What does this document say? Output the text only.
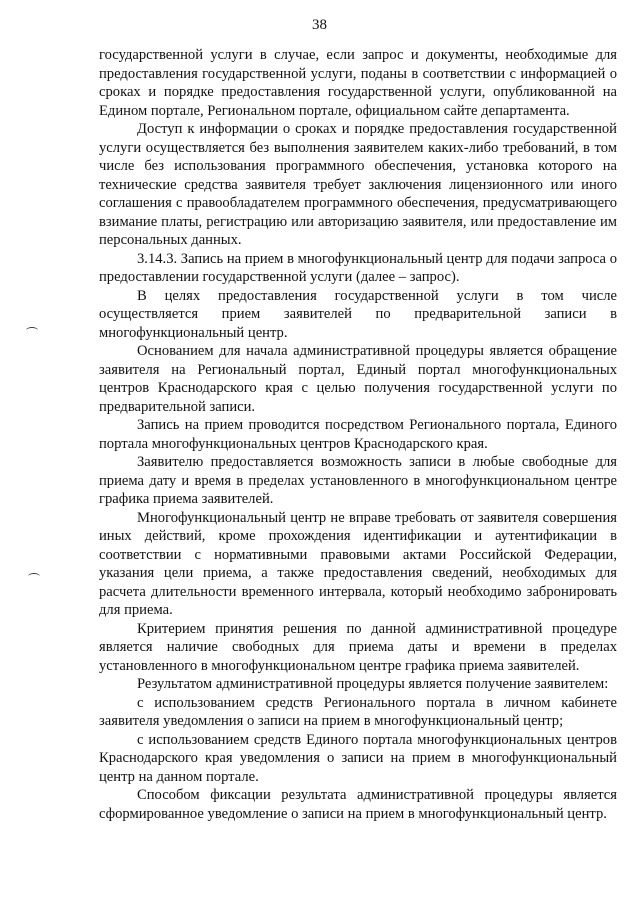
38

государственной услуги в случае, если запрос и документы, необходимые для предоставления государственной услуги, поданы в соответствии с информацией о сроках и порядке предоставления государственной услуги, опубликованной на Едином портале, Региональном портале, официальном сайте департамента.

Доступ к информации о сроках и порядке предоставления государственной услуги осуществляется без выполнения заявителем каких-либо требований, в том числе без использования программного обеспечения, установка которого на технические средства заявителя требует заключения лицензионного или иного соглашения с правообладателем программного обеспечения, предусматривающего взимание платы, регистрацию или авторизацию заявителя, или предоставление им персональных данных.

3.14.3. Запись на прием в многофункциональный центр для подачи запроса о предоставлении государственной услуги (далее – запрос).

В целях предоставления государственной услуги в том числе осуществляется прием заявителей по предварительной записи в многофункциональный центр.

Основанием для начала административной процедуры является обращение заявителя на Региональный портал, Единый портал многофункциональных центров Краснодарского края с целью получения государственной услуги по предварительной записи.

Запись на прием проводится посредством Регионального портала, Единого портала многофункциональных центров Краснодарского края.

Заявителю предоставляется возможность записи в любые свободные для приема дату и время в пределах установленного в многофункциональном центре графика приема заявителей.

Многофункциональный центр не вправе требовать от заявителя совершения иных действий, кроме прохождения идентификации и аутентификации в соответствии с нормативными правовыми актами Российской Федерации, указания цели приема, а также предоставления сведений, необходимых для расчета длительности временного интервала, который необходимо забронировать для приема.

Критерием принятия решения по данной административной процедуре является наличие свободных для приема даты и времени в пределах установленного в многофункциональном центре графика приема заявителей.

Результатом административной процедуры является получение заявителем:

с использованием средств Регионального портала в личном кабинете заявителя уведомления о записи на прием в многофункциональный центр;

с использованием средств Единого портала многофункциональных центров Краснодарского края уведомления о записи на прием в многофункциональный центр на данном портале.

Способом фиксации результата административной процедуры является сформированное уведомление о записи на прием в многофункциональный центр.
